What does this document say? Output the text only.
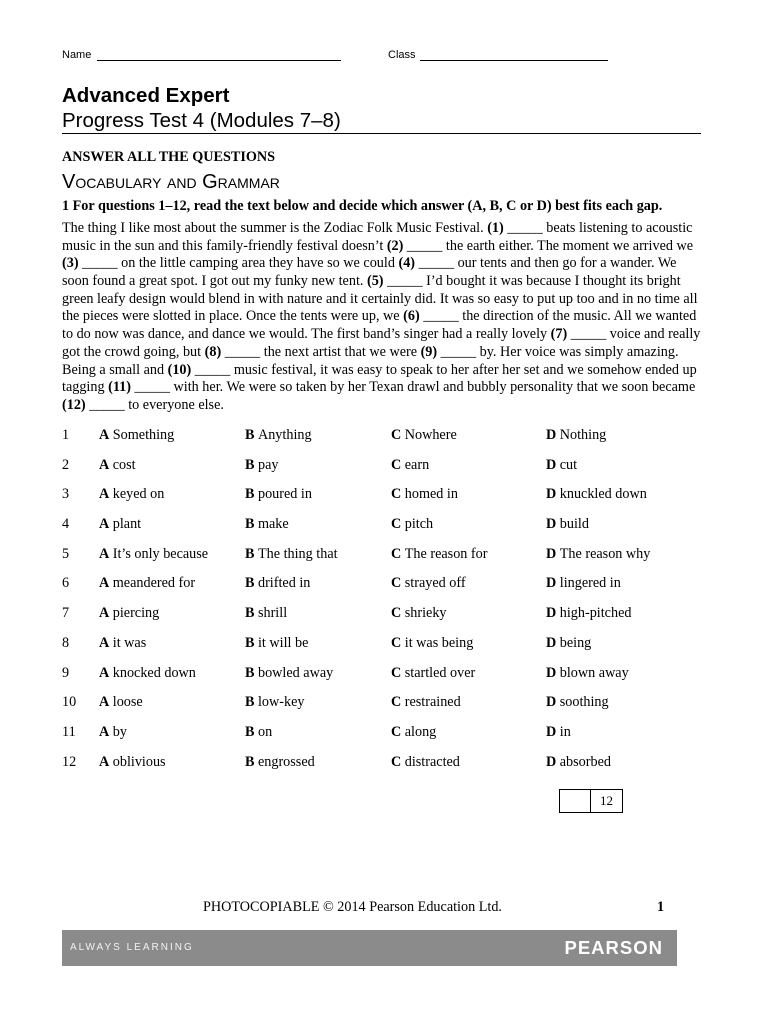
Name	Class
Advanced Expert
Progress Test 4 (Modules 7–8)
ANSWER ALL THE QUESTIONS
Vocabulary and Grammar
1 For questions 1–12, read the text below and decide which answer (A, B, C or D) best fits each gap.
The thing I like most about the summer is the Zodiac Folk Music Festival. (1) _____ beats listening to acoustic
music in the sun and this family-friendly festival doesn’t (2) _____ the earth either. The moment we arrived we
(3) _____ on the little camping area they have so we could (4) _____ our tents and then go for a wander. We
soon found a great spot. I got out my funky new tent. (5) _____ I’d bought it was because I thought its bright
green leafy design would blend in with nature and it certainly did. It was so easy to put up too and in no time all
the pieces were slotted in place. Once the tents were up, we (6) _____ the direction of the music. All we wanted
to do now was dance, and dance we would. The first band’s singer had a really lovely (7) _____ voice and really
got the crowd going, but (8) _____ the next artist that we were (9) _____ by. Her voice was simply amazing.
Being a small and (10) _____ music festival, it was easy to speak to her after her set and we somehow ended up
tagging (11) _____ with her. We were so taken by her Texan drawl and bubbly personality that we soon became
(12) _____ to everyone else.
1 A Something	B Anything	C Nowhere	D Nothing
2 A cost	B pay	C earn	D cut
3 A keyed on	B poured in	C homed in	D knuckled down
4 A plant	B make	C pitch	D build
5 A It’s only because	B The thing that	C The reason for	D The reason why
6 A meandered for	B drifted in	C strayed off	D lingered in
7 A piercing	B shrill	C shrieky	D high-pitched
8 A it was	B it will be	C it was being	D being
9 A knocked down	B bowled away	C startled over	D blown away
10 A loose	B low-key	C restrained	D soothing
11 A by	B on	C along	D in
12 A oblivious	B engrossed	C distracted	D absorbed
12
PHOTOCOPIABLE © 2014 Pearson Education Ltd.	1
ALWAYS LEARNING	PEARSON
